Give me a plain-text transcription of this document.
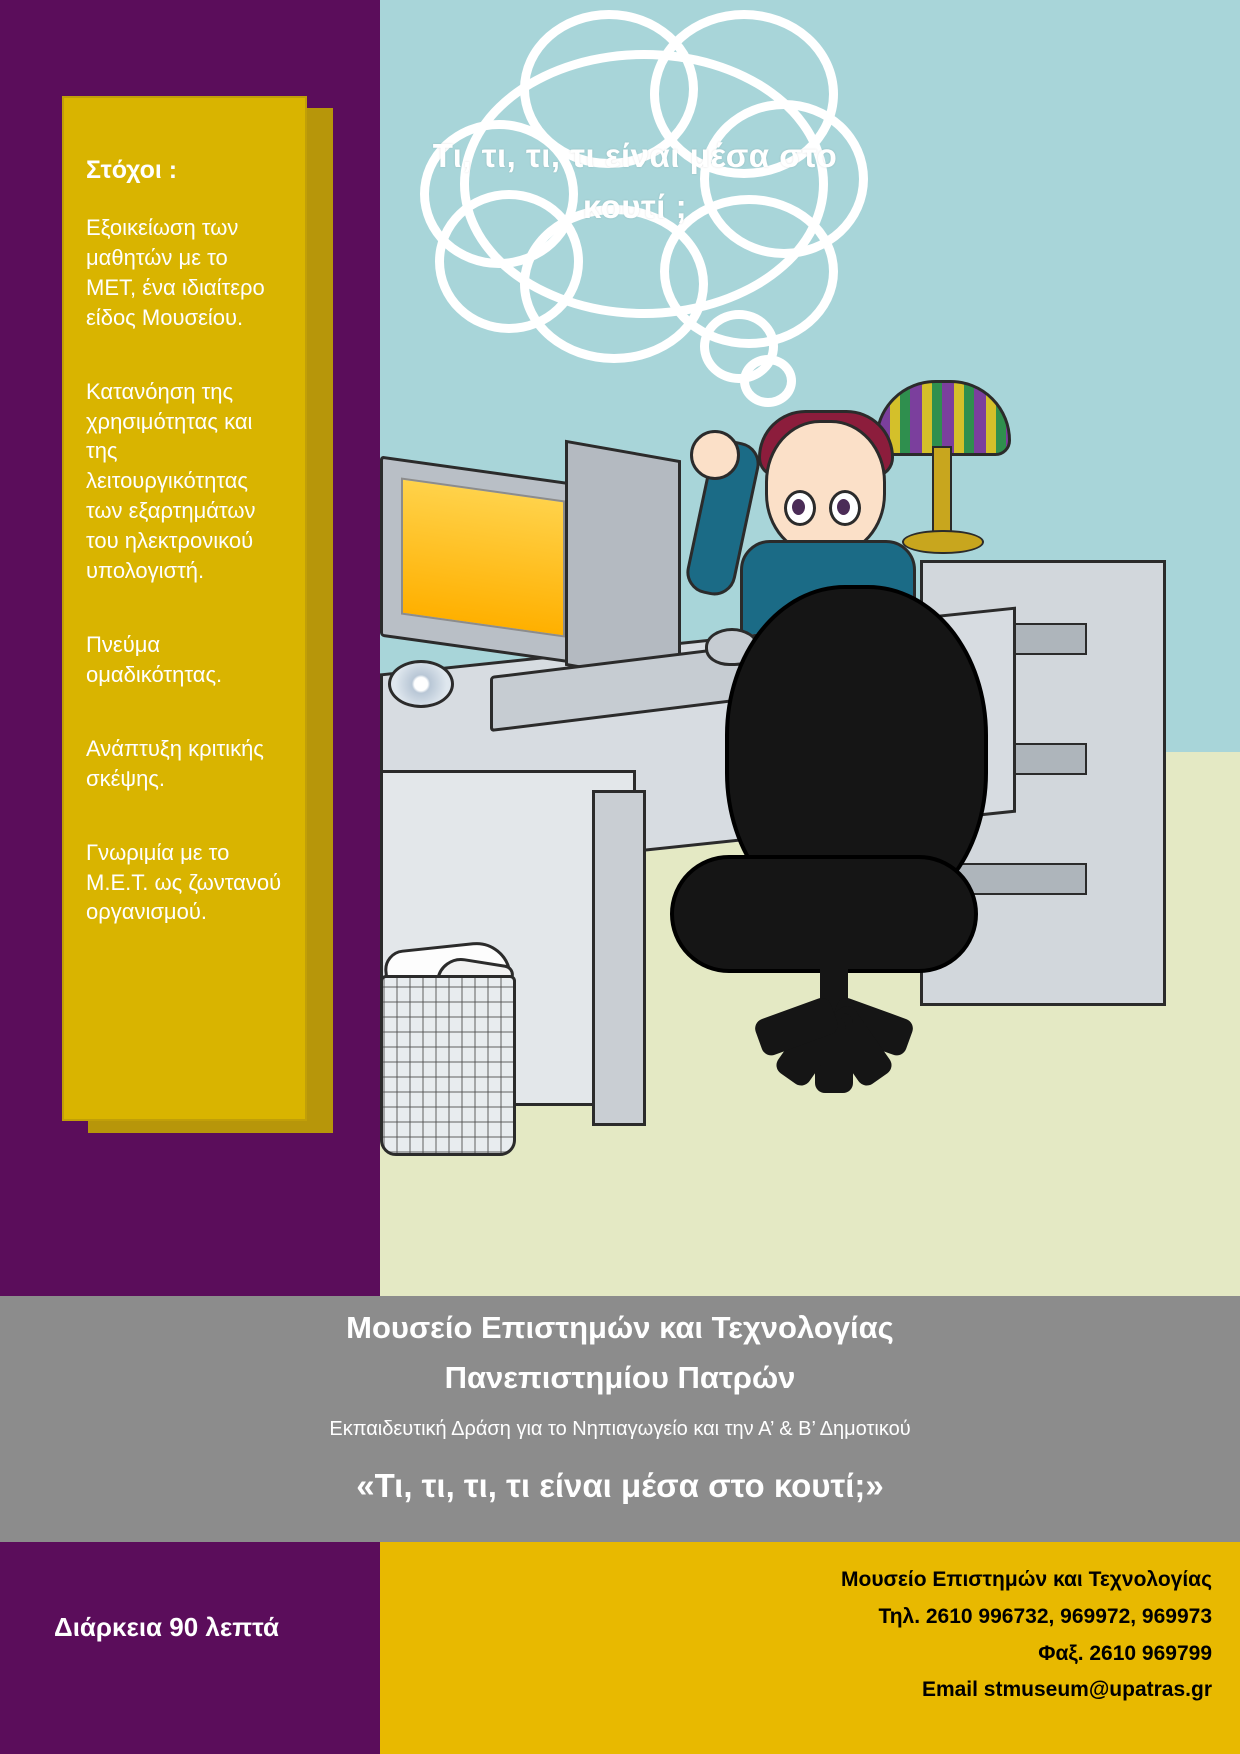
Τι, τι, τι, τι είναι μέσα στο κουτί ;
Στόχοι :
Εξοικείωση των μαθητών με το ΜΕΤ, ένα ιδιαίτερο είδος Μουσείου.
Κατανόηση της χρησιμότητας και της λειτουργικότητας των εξαρτημάτων του ηλεκτρονικού υπολογιστή.
Πνεύμα ομαδικότητας.
Ανάπτυξη κριτικής σκέψης.
Γνωριμία με το Μ.Ε.Τ. ως ζωντανού οργανισμού.
Μουσείο Επιστημών και Τεχνολογίας
Πανεπιστημίου Πατρών
Εκπαιδευτική Δράση για το Νηπιαγωγείο και την Α’ & Β’ Δημοτικού
«Τι, τι, τι, τι είναι μέσα στο κουτί;»
Διάρκεια 90 λεπτά
Μουσείο Επιστημών και Τεχνολογίας
Τηλ. 2610 996732, 969972, 969973
Φαξ. 2610 969799
Email stmuseum@upatras.gr
